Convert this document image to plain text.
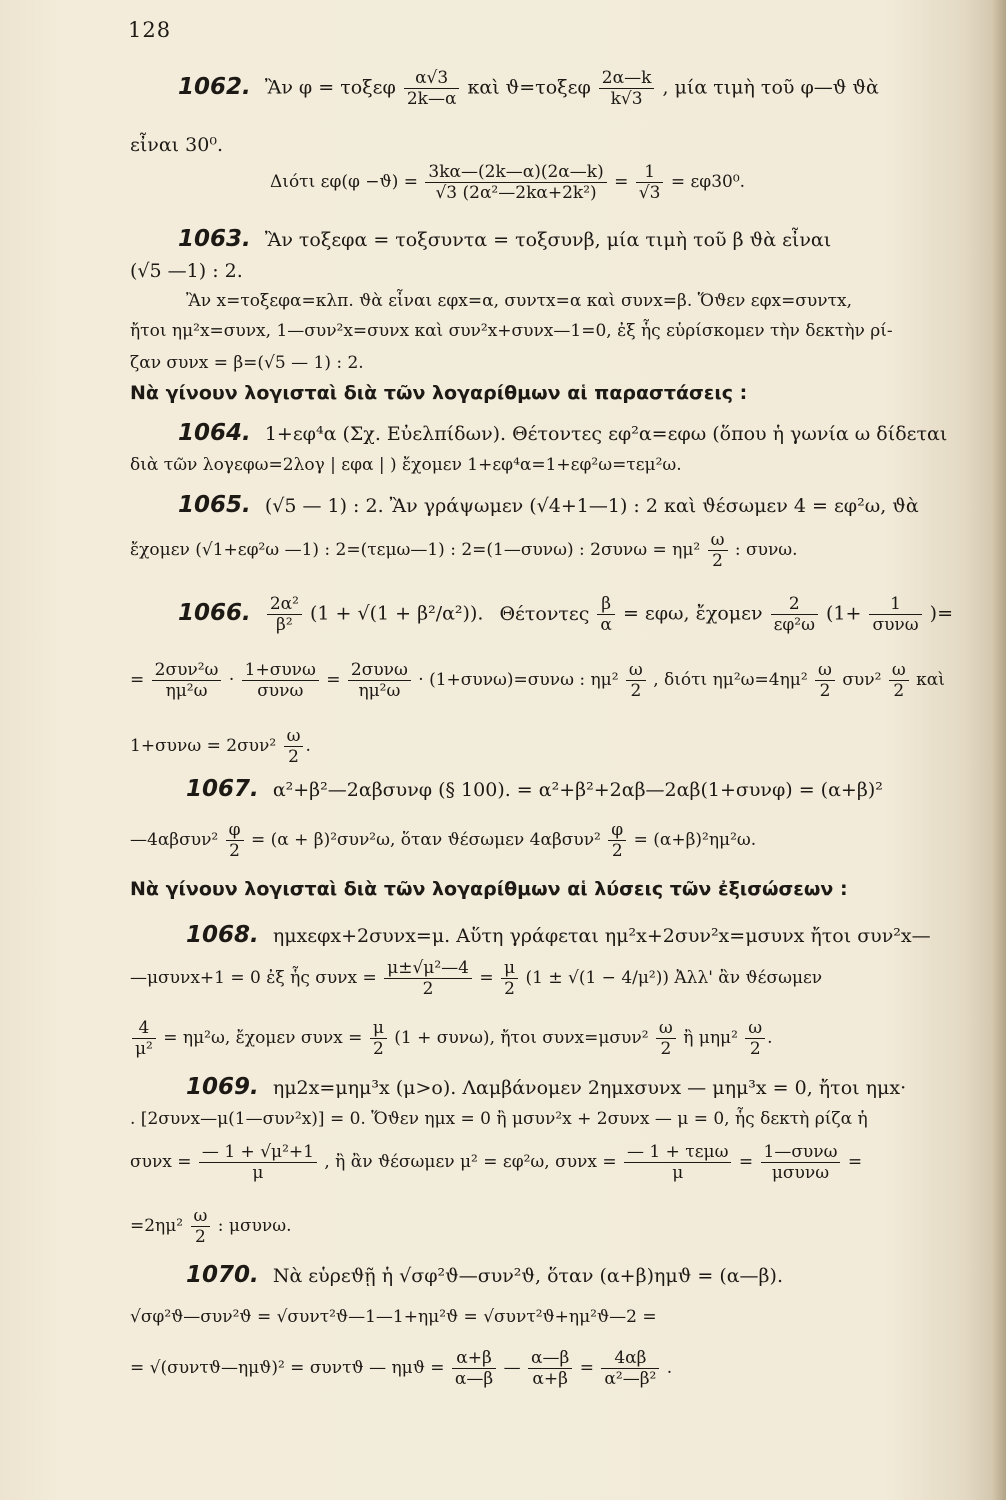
128
1062. Ἂν φ = τοξεφ $\frac{\alpha√3}{2k—\alpha}$ καὶ $ϑ=\tau o\xi\varepsilon\varphi \frac{2\alpha—k}{k√3}$ , μία τιμὴ τοῦ φ—ϑ ϑὰ
εἶναι 30⁰.
Διότι $\varepsilon\varphi(\varphi -ϑ) = \frac{3k\alpha—(2k—\alpha)(2\alpha—k)}{\text{√3 (2α²—2kα+2k²)}} = \frac{1}{√3} = \varepsilon\varphi 30^0$.
1063. Ἂν τοξεφα = τοξσυντα = τοξσυνβ, μία τιμὴ τοῦ β ϑὰ εἶναι
(√5 —1) : 2.
Ἂν x=τοξεφα=κλπ. ϑὰ εἶναι εφx=α, συντx=α καὶ συνx=β. Ὅϑεν εφx=συντx,
ἤτοι ημ²x=συνx, 1—συν²x=συνx καὶ συν²x+συνx—1=0, ἐξ ἧς εὑρίσκομεν τὴν δεκτὴν ρί-
ζαν συνx = β=(√5 — 1) : 2.
Νὰ γίνουν λογισταὶ διὰ τῶν λογαρίθμων αἱ παραστάσεις :
1064. 1+εφ⁴α (Σχ. Εὐελπίδων). Θέτοντες εφ²α=εφω (ὅπου ἡ γωνία ω δίδεται
διὰ τῶν λογεφω=2λογ | εφα | ) ἔχομεν 1+εφ⁴α=1+εφ²ω=τεμ²ω.
1065. (√5 — 1) : 2. Ἂν γράψωμεν (√4+1—1) : 2 καὶ ϑέσωμεν 4 = εφ²ω, ϑὰ
ἔχομεν (√1+εφ²ω —1) : 2=(τεμω—1) : 2=(1—συνω) : $2\sigma\upsilon\nu\omega = \eta\mu^2 \frac{\omega}{2}$ : συνω.
1066. $\frac{\text{2α²}}{\text{β²}} (1 + √(1 + \beta^2/\alpha^2))$. Θέτοντες $\frac{\beta}{\alpha} = \varepsilon\varphi\omega$, ἔχομεν $\frac{2}{\text{εφ²ω}} (1+ \frac{1}{\text{συνω}}$ )=
= $\frac{\text{2συν²ω}}{\text{ημ²ω}} \cdot \frac{\text{1+συνω}}{\text{συνω}} = \frac{\text{2συνω}}{\text{ημ²ω}} \cdot (1+\sigma\upsilon\nu\omega)=\sigma\upsilon\nu\omega$ : $\eta\mu^2 \frac{\omega}{2}$ , διότι $\eta\mu^2\omega=4\eta\mu^2 \frac{\omega}{2} \sigma\upsilon\nu^2 \frac{\omega}{2}$ καὶ
$1+\sigma\upsilon\nu\omega = 2\sigma\upsilon\nu^2 \frac{\omega}{2}$ .
1067. α²+β²—2αβσυνφ (§ 100). = α²+β²+2αβ—2αβ(1+συνφ) = (α+β)²
—4αβσυν² $\frac{\varphi}{2} = (\alpha + \beta)^2\sigma\upsilon\nu^2\omega$, ὅταν ϑέσωμεν $4\alpha\beta\sigma\upsilon\nu^2 \frac{\varphi}{2} = (\alpha+\beta)^2\eta\mu^2\omega$.
Νὰ γίνουν λογισταὶ διὰ τῶν λογαρίθμων αἱ λύσεις τῶν ἐξισώσεων :
1068. ημxεφx+2συνx=μ. Αὕτη γράφεται ημ²x+2συν²x=μσυνx ἤτοι συν²x—
—μσυνx+1 = 0 ἐξ ἧς $\sigma\upsilon\nu x = \frac{\text{μ±√μ²—4}}{2} = \frac{\mu}{2} (1 \pm √(1 - 4/\mu^2))$ Ἀλλ' ἂν ϑέσωμεν
$\frac{4}{\text{μ²}} = \eta\mu^2\omega$, ἔχομεν $\sigma\upsilon\nu x = \frac{\mu}{2} (1 + \sigma\upsilon\nu\omega)$, ἤτοι $\sigma\upsilon\nu x=\mu\sigma\upsilon\nu^2 \frac{\omega}{2}$ ἢ $\mu\eta\mu^2 \frac{\omega}{2}$ .
1069. ημ2x=μημ³x (μ>ο). Λαμβάνομεν 2ημxσυνx — μημ³x = 0, ἤτοι ημx·
. [2συνx—μ(1—συν²x)] = 0. Ὅϑεν ημx = 0 ἢ μσυν²x + 2συνx — μ = 0, ἧς δεκτὴ ρίζα ἡ
$\sigma\upsilon\nu x = \frac{\text{— 1 + √μ²+1}}{\mu}$ , ἢ ἂν ϑέσωμεν μ² = εφ²ω, $\sigma\upsilon\nu x = \frac{\text{— 1 + τεμω}}{\mu} = \frac{\text{1—συνω}}{\text{μσυνω}}$ =
$=2\eta\mu^2 \frac{\omega}{2}$ : μσυνω.
1070. Νὰ εὑρεϑῇ ἡ √σφ²ϑ—συν²ϑ, ὅταν (α+β)ημϑ = (α—β).
√σφ²ϑ—συν²ϑ = √συντ²ϑ—1—1+ημ²ϑ = √συντ²ϑ+ημ²ϑ—2 =
= √(συντϑ—ημϑ)² = συντϑ — $\eta\mu ϑ = \frac{\alpha+\beta}{\alpha—\beta}$ — $\frac{\alpha—\beta}{\alpha+\beta} = \frac{4\alpha\beta}{\text{α²—β²}}$ .
